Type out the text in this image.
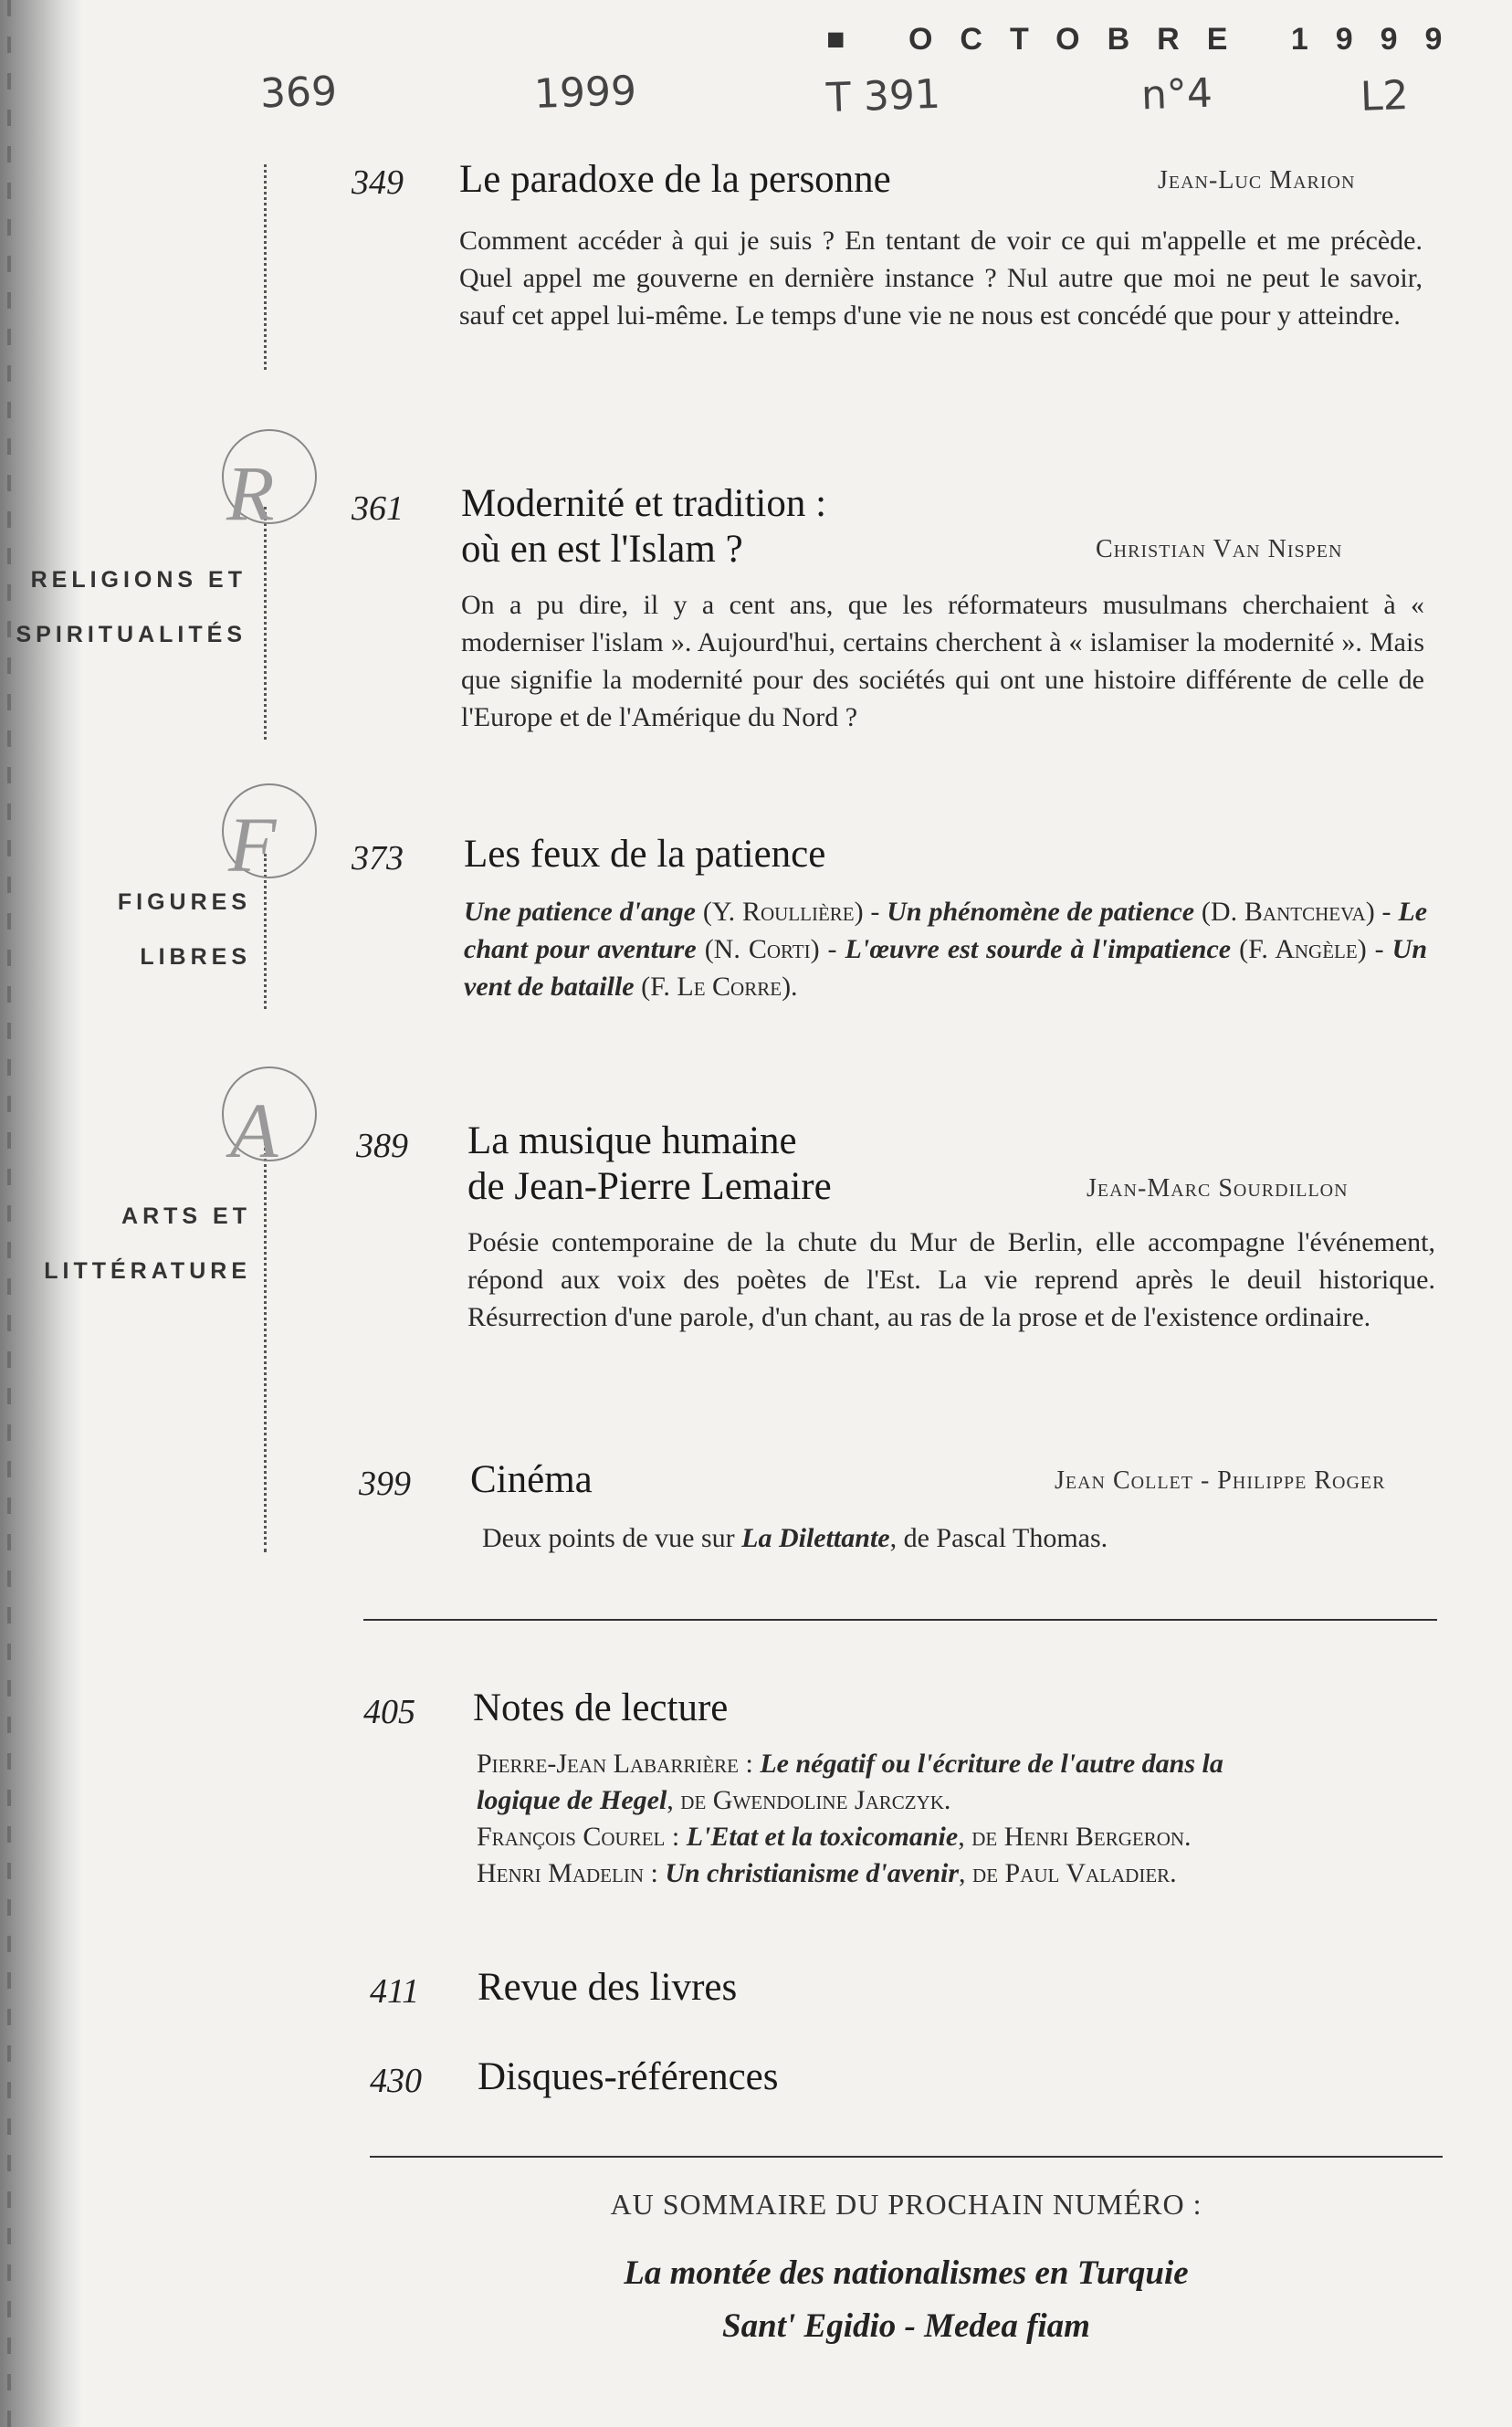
■ OCTOBRE 1999
369	1999	T 391	n°4	L2
R
RELIGIONS ET
SPIRITUALITÉS
F
FIGURES LIBRES
A
ARTS ET
LITTÉRATURE
349 Le paradoxe de la personne	Jean-Luc Marion
Comment accéder à qui je suis ? En tentant de voir ce qui m'appelle et me précède. Quel appel me gouverne en dernière instance ? Nul autre que moi ne peut le savoir, sauf cet appel lui-même. Le temps d'une vie ne nous est concédé que pour y atteindre.
361 Modernité et tradition :
où en est l'Islam ?	Christian Van Nispen
On a pu dire, il y a cent ans, que les réformateurs musulmans cherchaient à « moderniser l'islam ». Aujourd'hui, certains cherchent à « islamiser la modernité ». Mais que signifie la modernité pour des sociétés qui ont une histoire différente de celle de l'Europe et de l'Amérique du Nord ?
373 Les feux de la patience
Une patience d'ange (Y. Roullière) - Un phénomène de patience (D. Bantcheva) - Le chant pour aventure (N. Corti) - L'œuvre est sourde à l'impatience (F. Angèle) - Un vent de bataille (F. Le Corre).
389 La musique humaine
de Jean-Pierre Lemaire	Jean-Marc Sourdillon
Poésie contemporaine de la chute du Mur de Berlin, elle accompagne l'événement, répond aux voix des poètes de l'Est. La vie reprend après le deuil historique. Résurrection d'une parole, d'un chant, au ras de la prose et de l'existence ordinaire.
399 Cinéma	Jean Collet - Philippe Roger
Deux points de vue sur La Dilettante, de Pascal Thomas.
405 Notes de lecture
Pierre-Jean Labarrière : Le négatif ou l'écriture de l'autre dans la logique de Hegel, de Gwendoline Jarczyk.
François Courel : L'Etat et la toxicomanie, de Henri Bergeron.
Henri Madelin : Un christianisme d'avenir, de Paul Valadier.
411 Revue des livres
430 Disques-références
AU SOMMAIRE DU PROCHAIN NUMÉRO :
La montée des nationalismes en Turquie
Sant' Egidio - Medea fiam
